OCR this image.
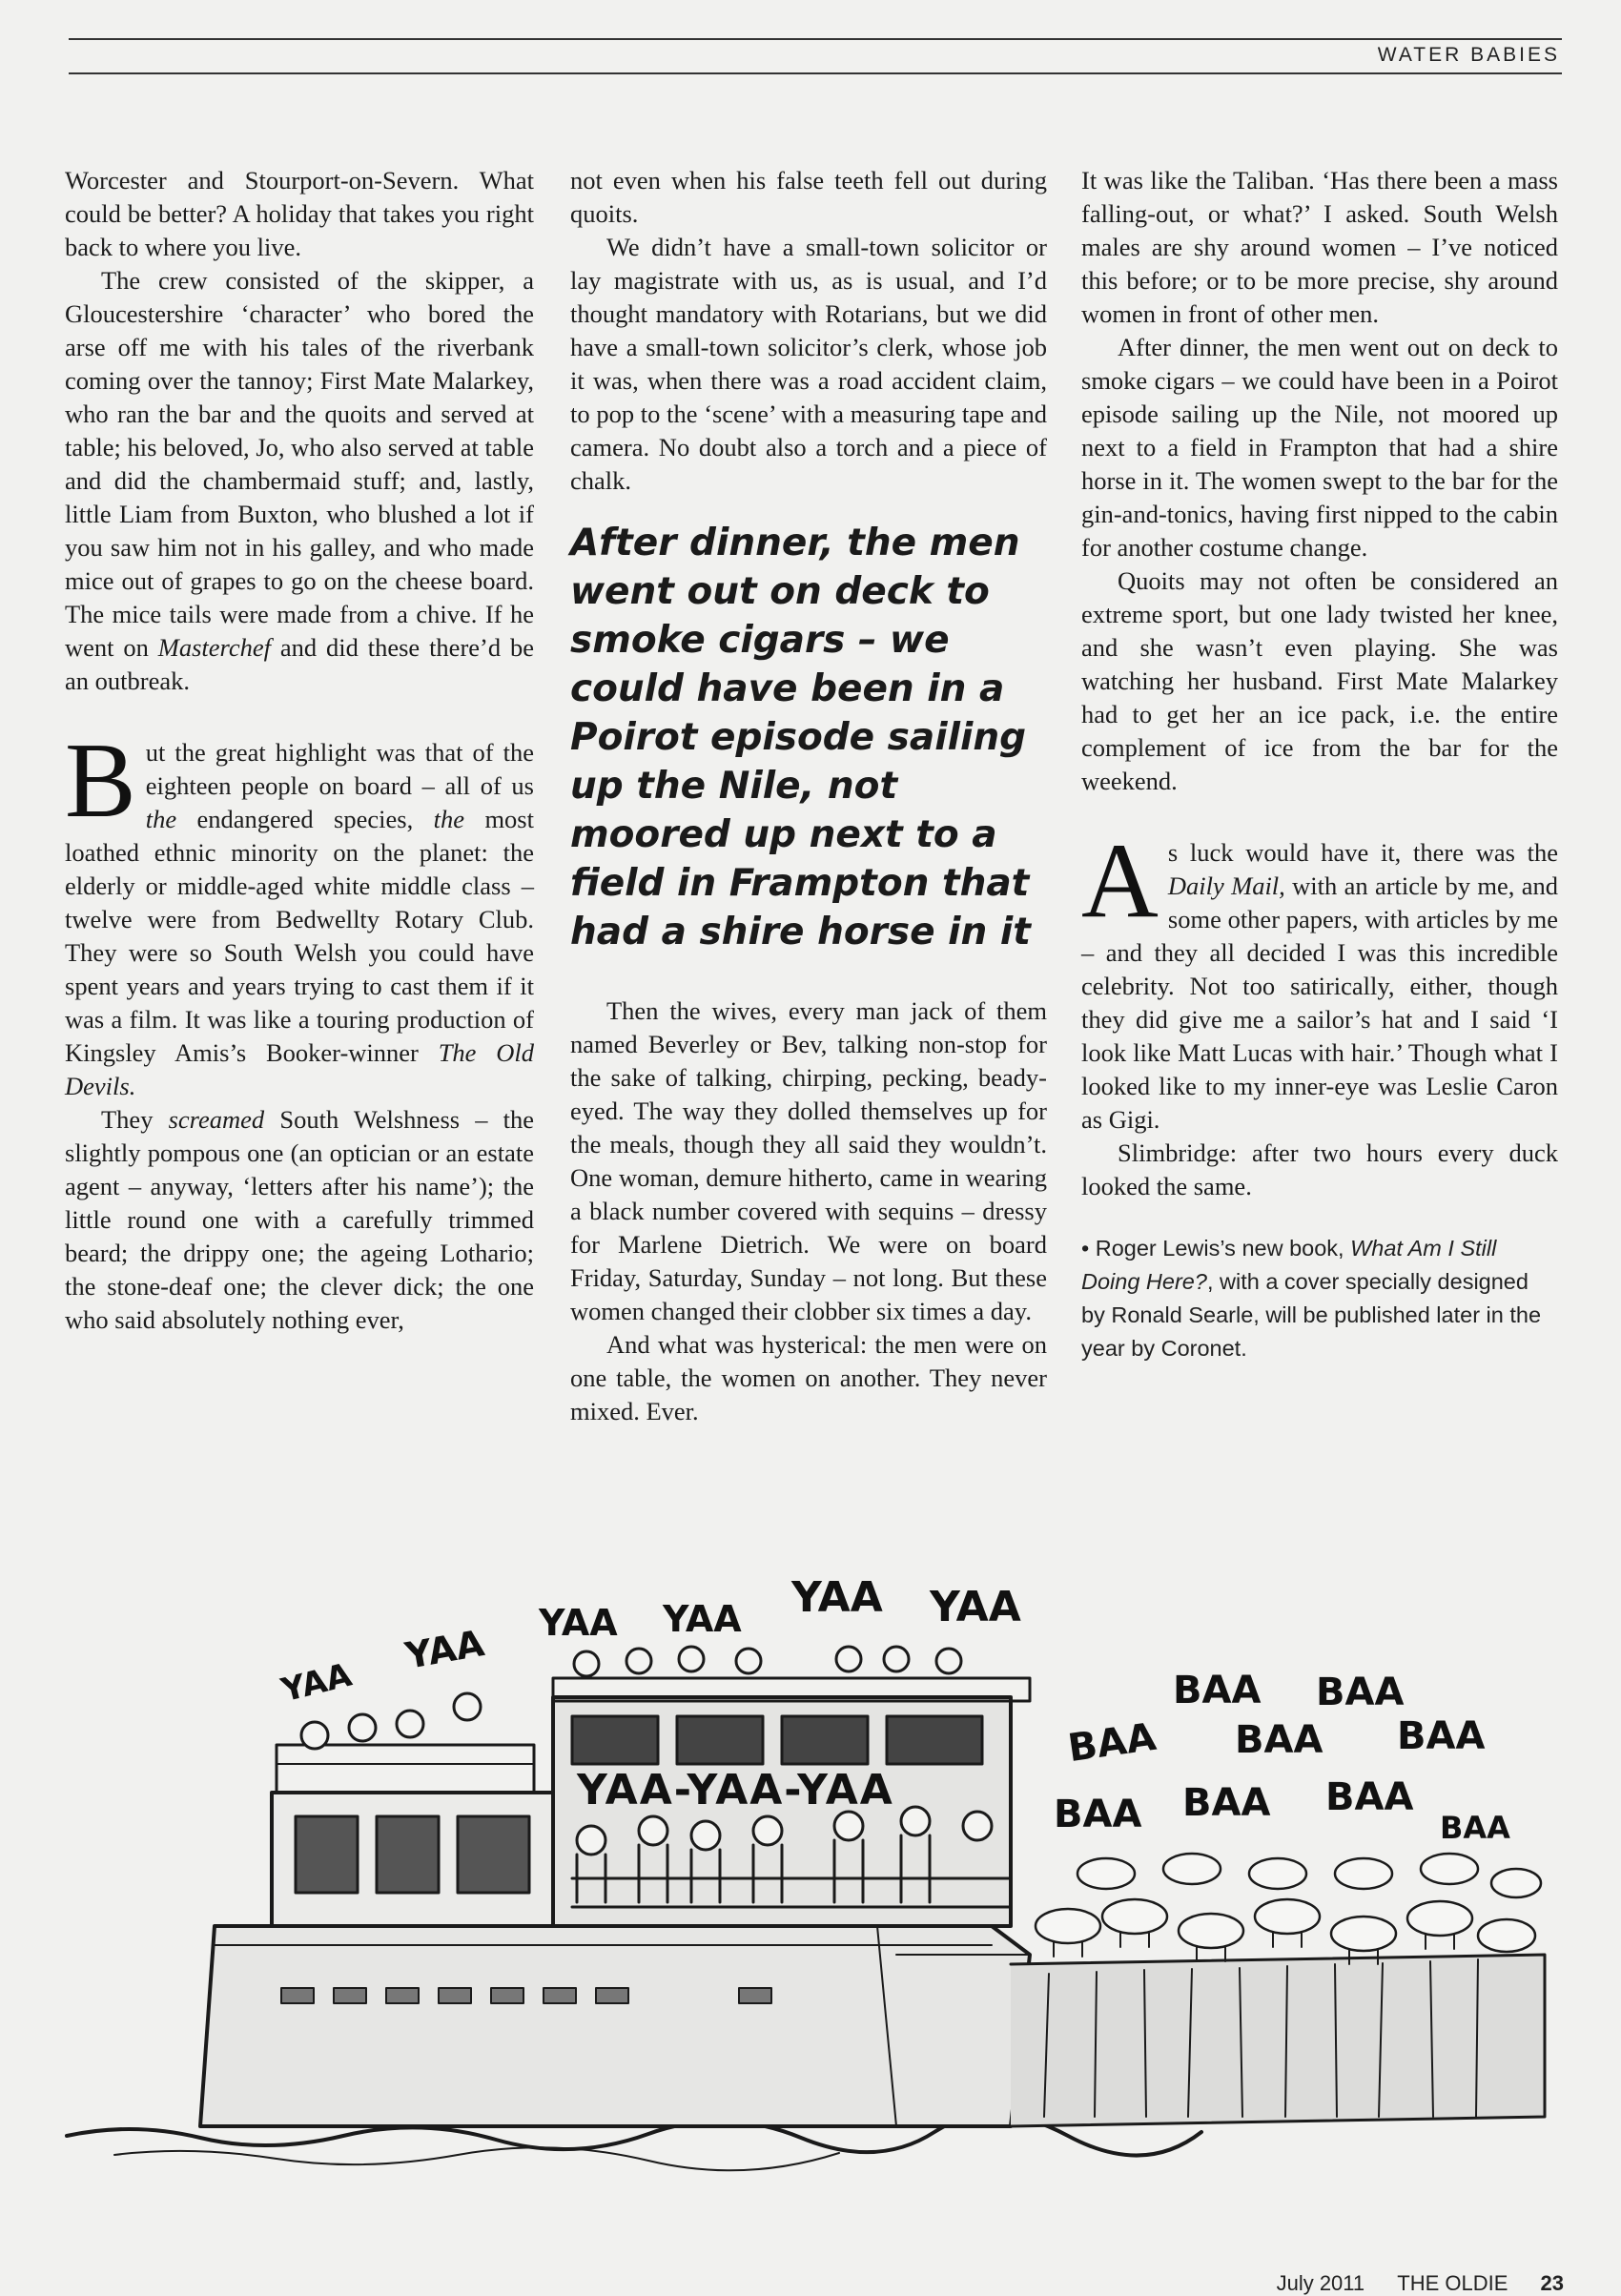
WATER BABIES

Worcester and Stourport-on-Severn. What could be better? A holiday that takes you right back to where you live.

The crew consisted of the skipper, a Gloucestershire ‘character’ who bored the arse off me with his tales of the riverbank coming over the tannoy; First Mate Malarkey, who ran the bar and the quoits and served at table; his beloved, Jo, who also served at table and did the chambermaid stuff; and, lastly, little Liam from Buxton, who blushed a lot if you saw him not in his galley, and who made mice out of grapes to go on the cheese board. The mice tails were made from a chive. If he went on Masterchef and did these there’d be an outbreak.

But the great highlight was that of the eighteen people on board – all of us the endangered species, the most loathed ethnic minority on the planet: the elderly or middle-aged white middle class – twelve were from Bedwellty Rotary Club. They were so South Welsh you could have spent years and years trying to cast them if it was a film. It was like a touring production of Kingsley Amis’s Booker-winner The Old Devils.

They screamed South Welshness – the slightly pompous one (an optician or an estate agent – anyway, ‘letters after his name’); the little round one with a carefully trimmed beard; the drippy one; the ageing Lothario; the stone-deaf one; the clever dick; the one who said absolutely nothing ever,

not even when his false teeth fell out during quoits.

We didn’t have a small-town solicitor or lay magistrate with us, as is usual, and I’d thought mandatory with Rotarians, but we did have a small-town solicitor’s clerk, whose job it was, when there was a road accident claim, to pop to the ‘scene’ with a measuring tape and camera. No doubt also a torch and a piece of chalk.

After dinner, the men went out on deck to smoke cigars – we could have been in a Poirot episode sailing up the Nile, not moored up next to a field in Frampton that had a shire horse in it

Then the wives, every man jack of them named Beverley or Bev, talking non-stop for the sake of talking, chirping, pecking, beady-eyed. The way they dolled themselves up for the meals, though they all said they wouldn’t. One woman, demure hitherto, came in wearing a black number covered with sequins – dressy for Marlene Dietrich. We were on board Friday, Saturday, Sunday – not long. But these women changed their clobber six times a day.

And what was hysterical: the men were on one table, the women on another. They never mixed. Ever.

It was like the Taliban. ‘Has there been a mass falling-out, or what?’ I asked. South Welsh males are shy around women – I’ve noticed this before; or to be more precise, shy around women in front of other men.

After dinner, the men went out on deck to smoke cigars – we could have been in a Poirot episode sailing up the Nile, not moored up next to a field in Frampton that had a shire horse in it. The women swept to the bar for the gin-and-tonics, having first nipped to the cabin for another costume change.

Quoits may not often be considered an extreme sport, but one lady twisted her knee, and she wasn’t even playing. She was watching her husband. First Mate Malarkey had to get her an ice pack, i.e. the entire complement of ice from the bar for the weekend.

As luck would have it, there was the Daily Mail, with an article by me, and some other papers, with articles by me – and they all decided I was this incredible celebrity. Not too satirically, either, though they did give me a sailor’s hat and I said ‘I look like Matt Lucas with hair.’ Though what I looked like to my inner-eye was Leslie Caron as Gigi.

Slimbridge: after two hours every duck looked the same.

• Roger Lewis’s new book, What Am I Still Doing Here?, with a cover specially designed by Ronald Searle, will be published later in the year by Coronet.
YAA
YAA YAA YAA YAA YAA
YAA-YAA-YAA
BAA BAA
BAA BAA BAA
BAA BAA BAA
BAA
July 2011 THE OLDIE 23
